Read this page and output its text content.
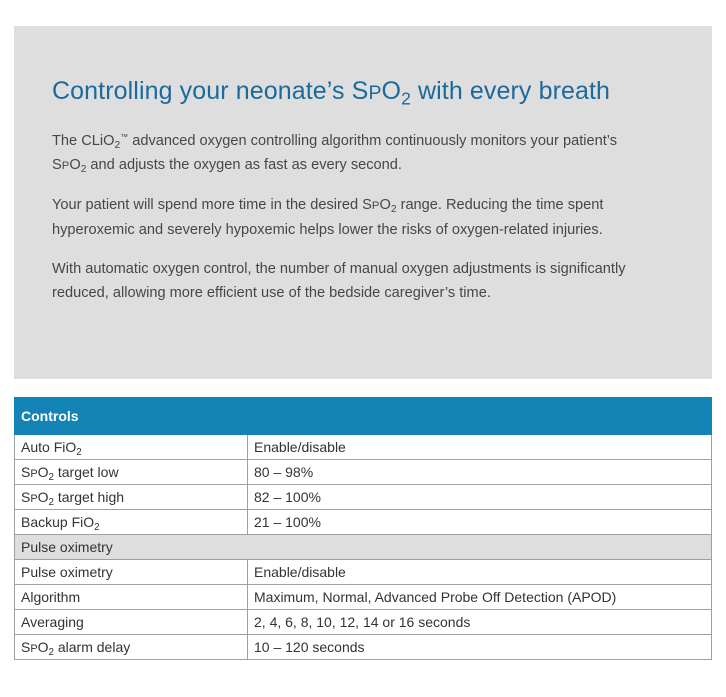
Controlling your neonate’s $SPO_2$ with every breath

The CLiO$_2$™ advanced oxygen controlling algorithm continuously monitors your patient’s
$SPO_2$ and adjusts the oxygen as fast as every second.

Your patient will spend more time in the desired $SPO_2$ range. Reducing the time spent hyperoxemic and severely hypoxemic helps lower the risks of oxygen-related injuries.

With automatic oxygen control, the number of manual oxygen adjustments is significantly reduced, allowing more efficient use of the bedside caregiver’s time.

Controls	
Auto FiO$_2$	Enable/disable
$SPO_2$ target low	80 – 98%
$SPO_2$ target high	82 – 100%
Backup FiO$_2$	21 – 100%
Pulse oximetry	
Pulse oximetry	Enable/disable
Algorithm	Maximum, Normal, Advanced Probe Off Detection (APOD)
Averaging	2, 4, 6, 8, 10, 12, 14 or 16 seconds
$SPO_2$ alarm delay	10 – 120 seconds
